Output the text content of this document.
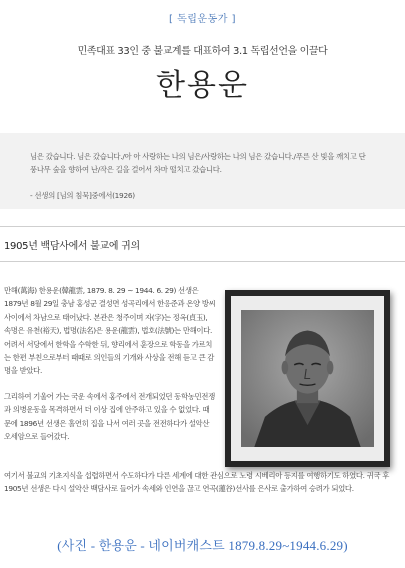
[ 독립운동가 ]
민족대표 33인 중 불교계를 대표하여 3.1 독립선언을 이끌다
한용운
님은 갔습니다. 님은 갔습니다./아 아 사랑하는 나의 님은/사랑하는 나의 님은 갔습니다./푸른 산 빛을 깨치고 단
풍나무 숲을 향하여 난/작은 길을 걸어서 차마 떨치고 갔습니다.
- 선생의 [님의 침묵]중에서(1926)
1905년 백담사에서 불교에 귀의

만해(萬海) 한용운(韓龍雲, 1879. 8. 29 ~ 1944. 6. 29) 선생은 1879년 8월 29일 충남 홍성군 결성면 성곡리에서 한응준과 온양 방씨 사이에서 차남으로 태어났다. 본관은 청주이며 자(字)는 정옥(貞玉), 속명은 유천(裕天), 법명(法名)은 용운(龍雲), 법호(法號)는 만해이다. 어려서 서당에서 한학을 수학한 뒤, 향리에서 훈장으로 학동을 가르치는 한편 부친으로부터 때때로 의인들의 기개와 사상을 전해 듣고 큰 감명을 받았다.

그리하여 기울어 가는 국운 속에서 홍주에서 전개되었던 동학농민전쟁과 의병운동을 목격하면서 더 이상 집에 안주하고 있을 수 없었다. 때문에 1896년 선생은 홀연히 집을 나서 여러 곳을 전전하다가 설악산 오세암으로 들어갔다.

여기서 불교의 기초지식을 섭렵하면서 수도하다가 다른 세계에 대한 관심으로 노령 시베리아 등지를 여행하기도 하였다. 귀국 후 1905년 선생은 다시 설악산 백담사로 들어가 속세와 인연을 끊고 연곡(蓮谷)선사를 은사로 출가하여 승려가 되었다.
(사진 - 한용운 - 네이버캐스트 1879.8.29~1944.6.29)
